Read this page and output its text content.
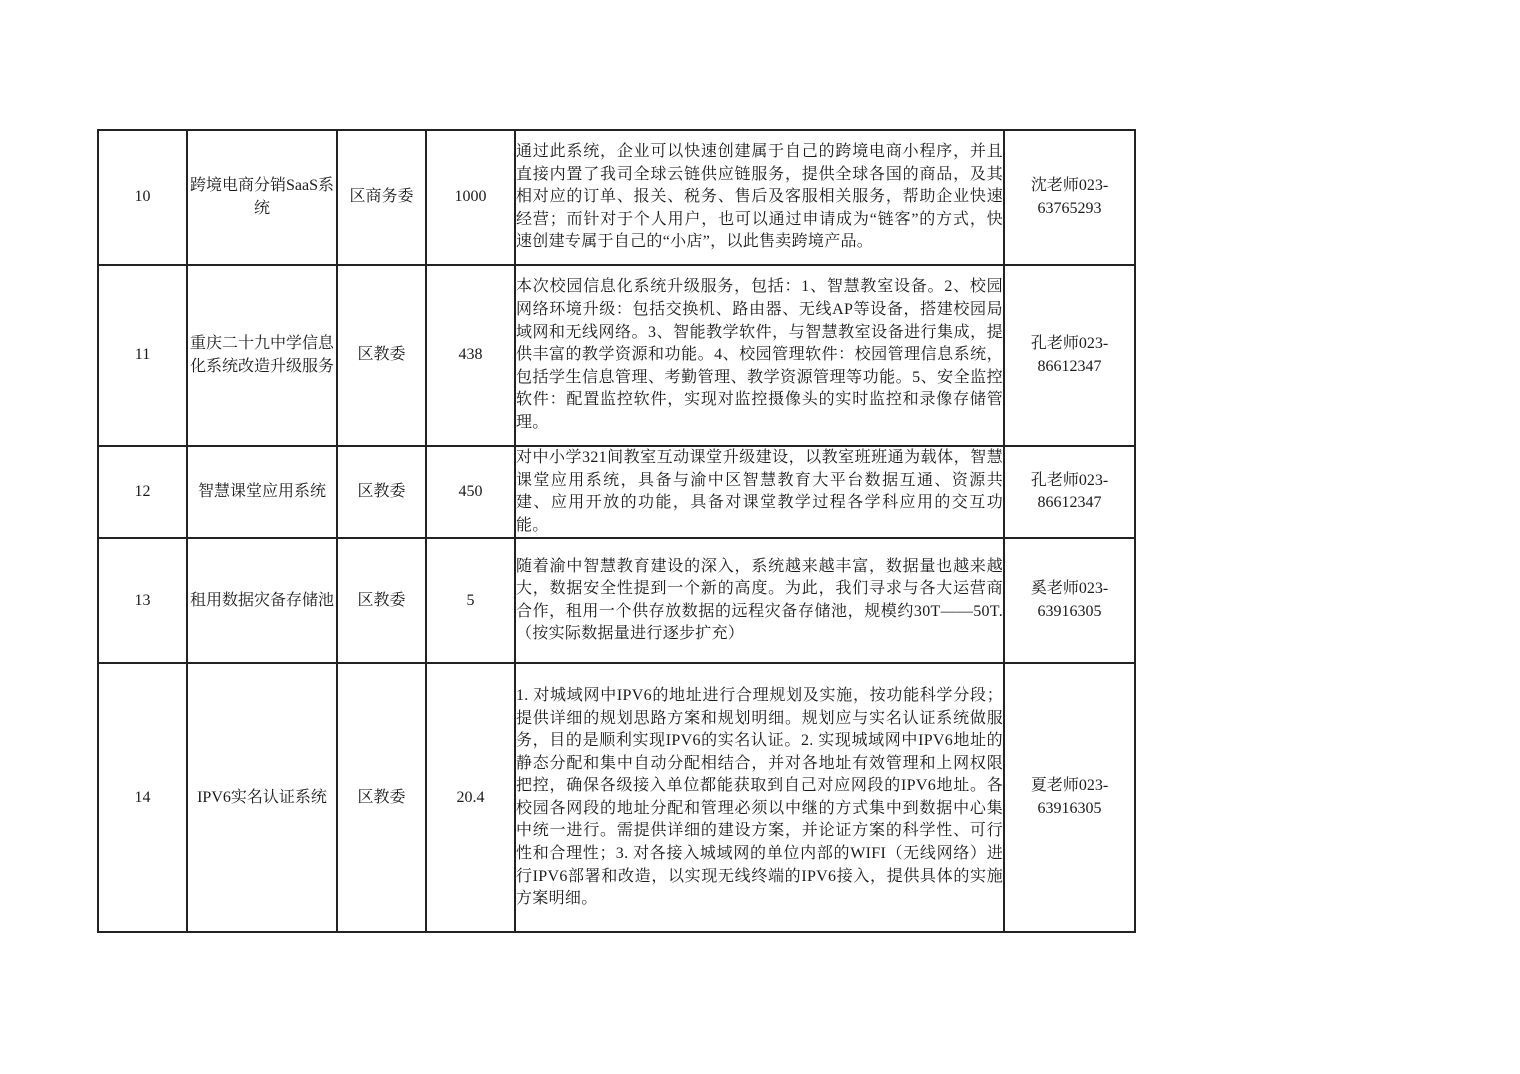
10	跨境电商分销SaaS系统	区商务委	1000	通过此系统，企业可以快速创建属于自己的跨境电商小程序，并且直接内置了我司全球云链供应链服务，提供全球各国的商品，及其相对应的订单、报关、税务、售后及客服相关服务，帮助企业快速经营；而针对于个人用户，也可以通过申请成为“链客”的方式，快速创建专属于自己的“小店”，以此售卖跨境产品。	沈老师023-63765293
11	重庆二十九中学信息化系统改造升级服务	区教委	438	本次校园信息化系统升级服务，包括：1、智慧教室设备。2、校园网络环境升级：包括交换机、路由器、无线AP等设备，搭建校园局域网和无线网络。3、智能教学软件，与智慧教室设备进行集成，提供丰富的教学资源和功能。4、校园管理软件：校园管理信息系统，包括学生信息管理、考勤管理、教学资源管理等功能。5、安全监控软件：配置监控软件，实现对监控摄像头的实时监控和录像存储管理。	孔老师023-86612347
12	智慧课堂应用系统	区教委	450	对中小学321间教室互动课堂升级建设，以教室班班通为载体，智慧课堂应用系统，具备与渝中区智慧教育大平台数据互通、资源共建、应用开放的功能，具备对课堂教学过程各学科应用的交互功能。	孔老师023-86612347
13	租用数据灾备存储池	区教委	5	随着渝中智慧教育建设的深入，系统越来越丰富，数据量也越来越大，数据安全性提到一个新的高度。为此，我们寻求与各大运营商合作，租用一个供存放数据的远程灾备存储池，规模约30T——50T.（按实际数据量进行逐步扩充）	奚老师023-63916305
14	IPV6实名认证系统	区教委	20.4	1. 对城域网中IPV6的地址进行合理规划及实施，按功能科学分段；提供详细的规划思路方案和规划明细。规划应与实名认证系统做服务，目的是顺利实现IPV6的实名认证。2. 实现城域网中IPV6地址的静态分配和集中自动分配相结合，并对各地址有效管理和上网权限把控，确保各级接入单位都能获取到自己对应网段的IPV6地址。各校园各网段的地址分配和管理必须以中继的方式集中到数据中心集中统一进行。需提供详细的建设方案，并论证方案的科学性、可行性和合理性；3. 对各接入城域网的单位内部的WIFI（无线网络）进行IPV6部署和改造，以实现无线终端的IPV6接入，提供具体的实施方案明细。	夏老师023-63916305
